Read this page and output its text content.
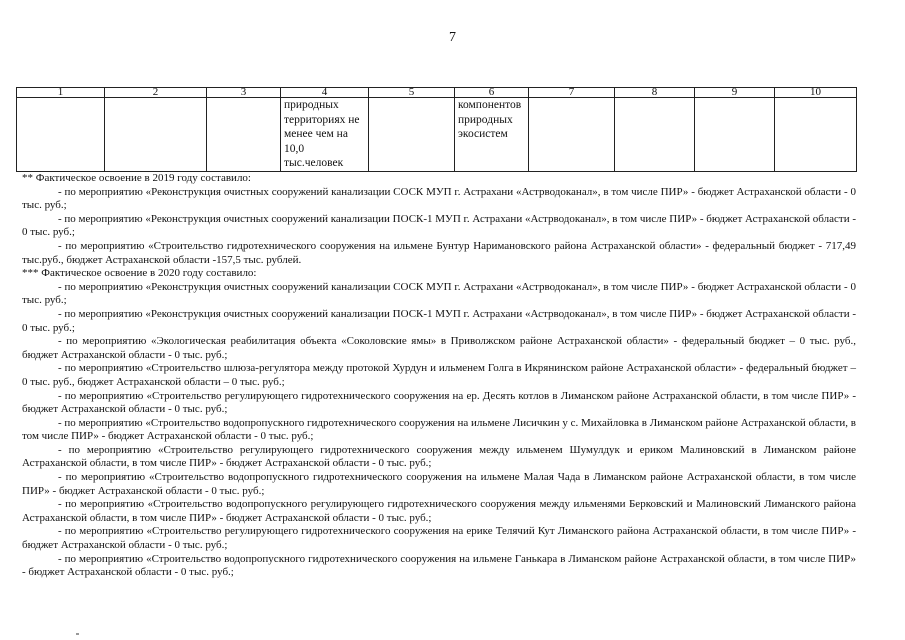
7
1	2	3	4	5	6	7	8	9	10
			природных территориях не менее чем на 10,0 тыс.человек		компонентов природных экосистем				

** Фактическое освоение в 2019 году составило:

- по мероприятию «Реконструкция очистных сооружений канализации СОСК МУП г. Астрахани «Астрводоканал», в том числе ПИР» - бюджет Астраханской области - 0 тыс. руб.;

- по мероприятию «Реконструкция очистных сооружений канализации ПОСК-1 МУП г. Астрахани «Астрводоканал», в том числе ПИР» - бюджет Астраханской области - 0 тыс. руб.;

- по мероприятию «Строительство гидротехнического сооружения на ильмене Бунтур Наримановского района Астраханской области» - федеральный бюджет - 717,49 тыс.руб., бюджет Астраханской области -157,5 тыс. рублей.

*** Фактическое освоение в 2020 году составило:

- по мероприятию «Реконструкция очистных сооружений канализации СОСК МУП г. Астрахани «Астрводоканал», в том числе ПИР» - бюджет Астраханской области - 0 тыс. руб.;

- по мероприятию «Реконструкция очистных сооружений канализации ПОСК-1 МУП г. Астрахани «Астрводоканал», в том числе ПИР» - бюджет Астраханской области - 0 тыс. руб.;

- по мероприятию «Экологическая реабилитация объекта «Соколовские ямы» в Приволжском районе Астраханской области» - федеральный бюджет – 0 тыс. руб., бюджет Астраханской области - 0 тыс. руб.;

- по мероприятию «Строительство шлюза-регулятора между протокой Хурдун и ильменем Голга в Икрянинском районе Астраханской области» - федеральный бюджет – 0 тыс. руб., бюджет Астраханской области – 0 тыс. руб.;

- по мероприятию «Строительство регулирующего гидротехнического сооружения на ер. Десять котлов в Лиманском районе Астраханской области, в том числе ПИР» - бюджет Астраханской области - 0 тыс. руб.;

- по мероприятию «Строительство водопропускного гидротехнического сооружения на ильмене Лисичкин у с. Михайловка в Лиманском районе Астраханской области, в том числе ПИР» - бюджет Астраханской области - 0 тыс. руб.;

- по мероприятию «Строительство регулирующего гидротехнического сооружения между ильменем Шумулдук и ериком Малиновский в Лиманском районе Астраханской области, в том числе ПИР» - бюджет Астраханской области - 0 тыс. руб.;

- по мероприятию «Строительство водопропускного гидротехнического сооружения на ильмене Малая Чада в Лиманском районе Астраханской области, в том числе ПИР» - бюджет Астраханской области - 0 тыс. руб.;

- по мероприятию «Строительство водопропускного регулирующего гидротехнического сооружения между ильменями Берковский и Малиновский Лиманского района Астраханской области, в том числе ПИР» - бюджет Астраханской области - 0 тыс. руб.;

- по мероприятию «Строительство регулирующего гидротехнического сооружения на ерике Телячий Кут Лиманского района Астраханской области, в том числе ПИР» - бюджет Астраханской области - 0 тыс. руб.;

- по мероприятию «Строительство водопропускного гидротехнического сооружения на ильмене Ганькара в Лиманском районе Астраханской области, в том числе ПИР» - бюджет Астраханской области - 0 тыс. руб.;
